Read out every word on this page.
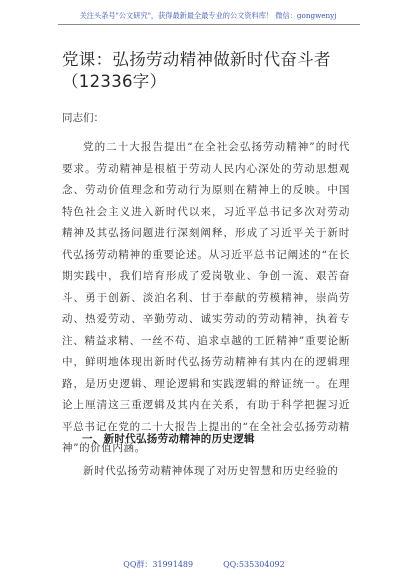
关注头条号"公文研究"，获得最新最全最专业的公文资料库！ 微信：gongwenyj
党课：弘扬劳动精神做新时代奋斗者（12336字）

同志们：

党的二十大报告提出“在全社会弘扬劳动精神”的时代要求。劳动精神是根植于劳动人民内心深处的劳动思想观念、劳动价值理念和劳动行为原则在精神上的反映。中国特色社会主义进入新时代以来，习近平总书记多次对劳动精神及其弘扬问题进行深刻阐释，形成了习近平关于新时代弘扬劳动精神的重要论述。从习近平总书记阐述的“在长期实践中，我们培育形成了爱岗敬业、争创一流、艰苦奋斗、勇于创新、淡泊名利、甘于奉献的劳模精神，崇尚劳动、热爱劳动、辛勤劳动、诚实劳动的劳动精神，执着专注、精益求精、一丝不苟、追求卓越的工匠精神”重要论断中，鲜明地体现出新时代弘扬劳动精神有其内在的逻辑理路，是历史逻辑、理论逻辑和实践逻辑的辩证统一。在理论上厘清这三重逻辑及其内在关系，有助于科学把握习近平总书记在党的二十大报告上提出的“在全社会弘扬劳动精神”的价值内涵。

一、新时代弘扬劳动精神的历史逻辑

新时代弘扬劳动精神体现了对历史智慧和历史经验的

QQ群：31991489	QQ:535304092
